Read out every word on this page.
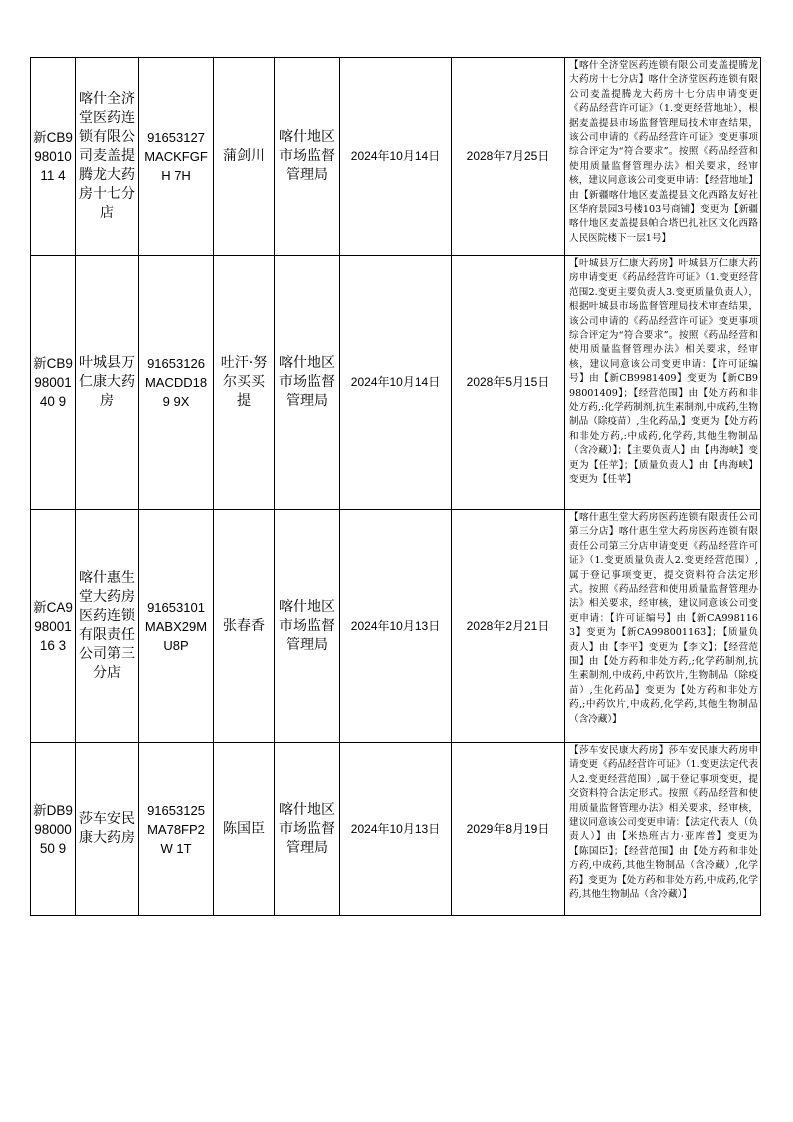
新CB99801011 4	喀什全济堂医药连锁有限公司麦盖提腾龙大药房十七分店	91653127 MACKFGFH 7H	蒲剑川	喀什地区市场监督管理局	2024年10月14日	2028年7月25日	【喀什全济堂医药连锁有限公司麦盖提腾龙大药房十七分店】喀什全济堂医药连锁有限公司麦盖提腾龙大药房十七分店申请变更《药品经营许可证》（1.变更经营地址），根据麦盖提县市场监督管理局技术审查结果，该公司申请的《药品经营许可证》变更事项综合评定为“符合要求”。按照《药品经营和使用质量监督管理办法》相关要求，经审核，建议同意该公司变更申请：【经营地址】由【新疆喀什地区麦盖提县文化西路友好社区华府景园3号楼103号商铺】变更为【新疆喀什地区麦盖提县帕合塔巴扎社区文化西路人民医院楼下一层1号】

新CB99800140 9	叶城县万仁康大药房	91653126 MACDD189 9X	吐汗·努尔买买提	喀什地区市场监督管理局	2024年10月14日	2028年5月15日	【叶城县万仁康大药房】叶城县万仁康大药房申请变更《药品经营许可证》（1.变更经营范围2.变更主要负责人3.变更质量负责人），根据叶城县市场监督管理局技术审查结果，该公司申请的《药品经营许可证》变更事项综合评定为“符合要求”。按照《药品经营和使用质量监督管理办法》相关要求，经审核，建议同意该公司变更申请：【许可证编号】由【新CB9981409】变更为【新CB998001409】；【经营范围】由【处方药和非处方药,:化学药制剂,抗生素制剂,中成药,生物制品（除疫苗）,生化药品,】变更为【处方药和非处方药,:中成药,化学药,其他生物制品（含冷藏）】；【主要负责人】由【冉海峡】变更为【任苹】；【质量负责人】由【冉海峡】变更为【任苹】

新CA99800116 3	喀什惠生堂大药房医药连锁有限责任公司第三分店	91653101 MABX29M U8P	张春香	喀什地区市场监督管理局	2024年10月13日	2028年2月21日	【喀什惠生堂大药房医药连锁有限责任公司第三分店】喀什惠生堂大药房医药连锁有限责任公司第三分店申请变更《药品经营许可证》（1.变更质量负责人2.变更经营范围）,属于登记事项变更，提交资料符合法定形式。按照《药品经营和使用质量监督管理办法》相关要求，经审核，建议同意该公司变更申请：【许可证编号】由【新CA9981163】变更为【新CA998001163】；【质量负责人】由【李平】变更为【李文】；【经营范围】由【处方药和非处方药,;化学药制剂,抗生素制剂,中成药,中药饮片,生物制品（除疫苗）,生化药品】变更为【处方药和非处方药,;中药饮片,中成药,化学药,其他生物制品（含冷藏）】

新DB99800050 9	莎车安民康大药房	91653125 MA78FP2W 1T	陈国臣	喀什地区市场监督管理局	2024年10月13日	2029年8月19日	【莎车安民康大药房】莎车安民康大药房申请变更《药品经营许可证》（1.变更法定代表人2.变更经营范围）,属于登记事项变更，提交资料符合法定形式。按照《药品经营和使用质量监督管理办法》相关要求，经审核，建议同意该公司变更申请：【法定代表人（负责人）】由【米热班古力·亚库普】变更为【陈国臣】；【经营范围】由【处方药和非处方药,中成药,其他生物制品（含冷藏）,化学药】变更为【处方药和非处方药,中成药,化学药,其他生物制品（含冷藏）】
